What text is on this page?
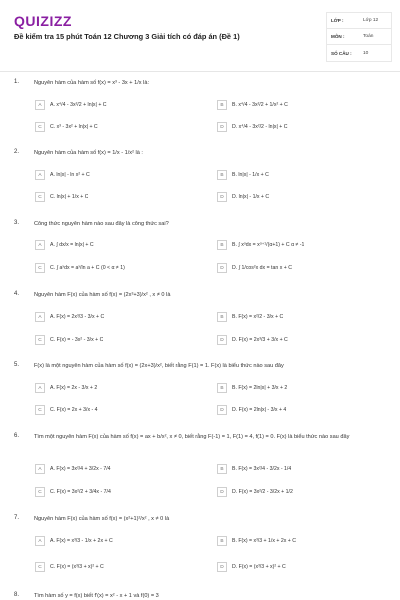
QUIZIZZ
Đề kiểm tra 15 phút Toán 12 Chương 3 Giải tích có đáp án (Đề 1)
LỚP :	Lớp 12
MÔN :	Toán
SỐ CÂU :	10
1.	Nguyên hàm của hàm số f(x) = x³ - 3x + 1/x là:
A	A. x⁴/4 - 3x²/2 + ln|x| + C	B	B. x⁴/4 - 3x²/2 + 1/x² + C
C	C. x³ - 3x² + ln|x| + C	D	D. x⁴/4 - 3x²/2 - ln|x| + C
2.	Nguyên hàm của hàm số f(x) = 1/x - 1/x² là :
A	A. ln|x| - ln x² + C	B	B. ln|x| - 1/x + C
C	C. ln|x| + 1/x + C	D	D. ln|x| - 1/x + C
3.	Công thức nguyên hàm nào sau đây là công thức sai?
A	A. ∫ dx/x = ln|x| + C	B	B. ∫ xᵅdx = xᵅ⁺¹/(α+1) + C α ≠ -1
C	C. ∫ aˣdx = aˣ/ln a + C (0 < α ≠ 1)	D	D. ∫ 1/cos²x dx = tan x + C
4.	Nguyên hàm F(x) của hàm số f(x) = (2x³+3)/x² , x ≠ 0 là
A	A. F(x) = 2x³/3 - 3/x + C	B	B. F(x) = x²/2 - 3/x + C
C	C. F(x) = - 3x² - 3/x + C	D	D. F(x) = 2x³/3 + 3/x + C
5.	F(x) là một nguyên hàm của hàm số f(x) = (2x+3)/x², biết rằng F(1) = 1. F(x) là biểu thức nào sau đây
A	A. F(x) = 2x - 3/x + 2	B	B. F(x) = 2ln|x| + 3/x + 2
C	C. F(x) = 2x + 3/x - 4	D	D. F(x) = 2ln|x| - 3/x + 4
6.	Tìm một nguyên hàm F(x) của hàm số f(x) = ax + b/x², x ≠ 0, biết rằng F(-1) = 1, F(1) = 4, f(1) = 0. F(x) là biểu thức nào sau đây
A	A. F(x) = 3x²/4 + 3/2x - 7/4	B	B. F(x) = 3x²/4 - 3/2x - 1/4
C	C. F(x) = 3x²/2 + 3/4x - 7/4	D	D. F(x) = 3x²/2 - 3/2x + 1/2
7.	Nguyên hàm F(x) của hàm số f(x) = (x²+1)²/x² , x ≠ 0 là
A	A. F(x) = x³/3 - 1/x + 2x + C	B	B. F(x) = x³/3 + 1/x + 2x + C
C	C. F(x) = (x³/3 + x)² + C	D	D. F(x) = (x³/3 + x)² + C
8.	Tìm hàm số y = f(x) biết f'(x) = x² - x + 1 và f(0) = 3
